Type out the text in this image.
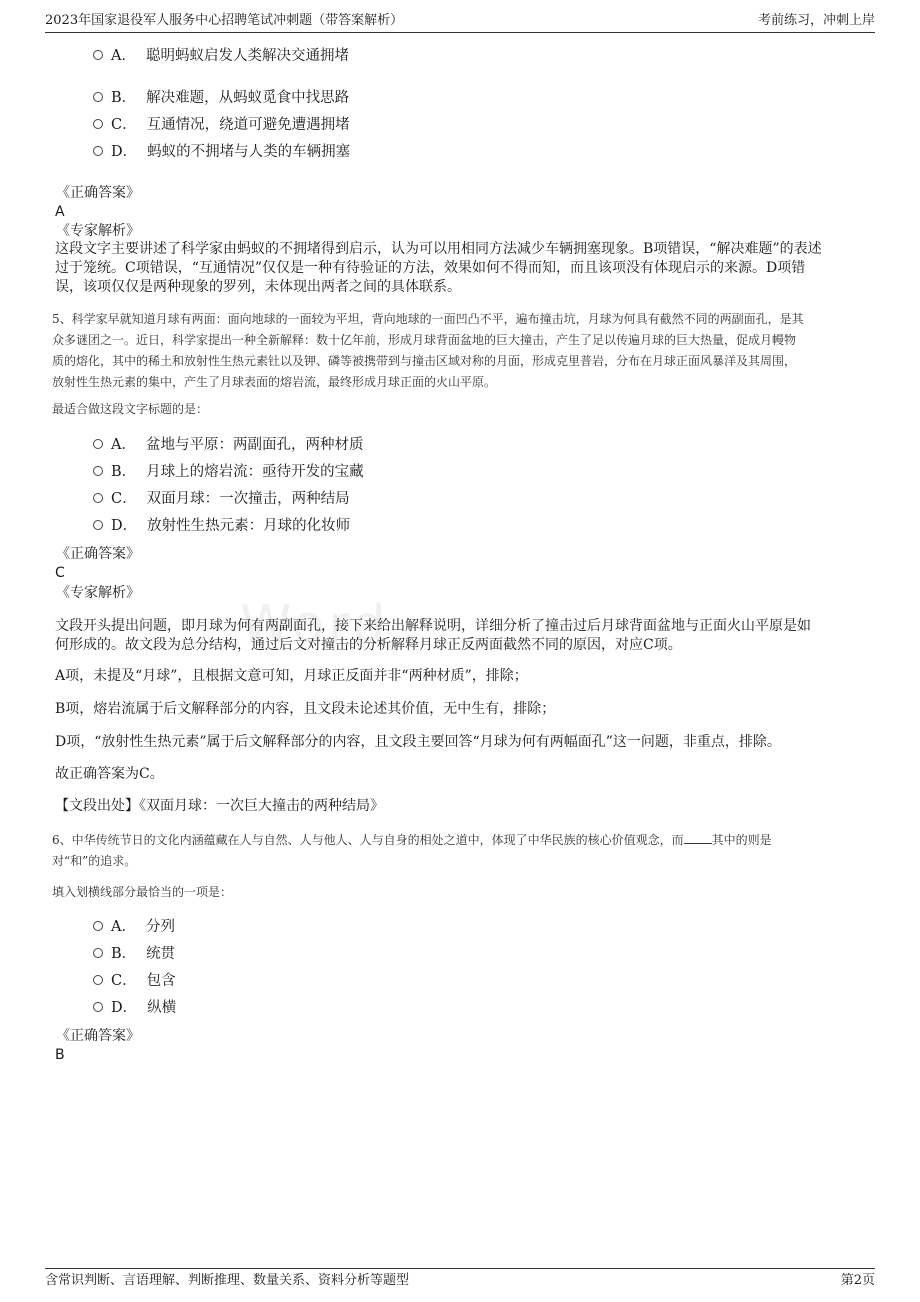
2023年国家退役军人服务中心招聘笔试冲刺题（带答案解析）	考前练习，冲刺上岸
A． 聪明蚂蚁启发人类解决交通拥堵
B． 解决难题，从蚂蚁觅食中找思路
C． 互通情况，绕道可避免遭遇拥堵
D． 蚂蚁的不拥堵与人类的车辆拥塞
《正确答案》
A
《专家解析》
这段文字主要讲述了科学家由蚂蚁的不拥堵得到启示，认为可以用相同方法减少车辆拥塞现象。B项错误，“解决难题”的表述
过于笼统。C项错误，“互通情况”仅仅是一种有待验证的方法，效果如何不得而知，而且该项没有体现启示的来源。D项错
误，该项仅仅是两种现象的罗列，未体现出两者之间的具体联系。
5、科学家早就知道月球有两面：面向地球的一面较为平坦，背向地球的一面凹凸不平，遍布撞击坑，月球为何具有截然不同的两副面孔，是其
众多谜团之一。近日，科学家提出一种全新解释：数十亿年前，形成月球背面盆地的巨大撞击，产生了足以传遍月球的巨大热量，促成月幔物
质的熔化，其中的稀土和放射性生热元素钍以及钾、磷等被携带到与撞击区域对称的月面，形成克里普岩，分布在月球正面风暴洋及其周围，
放射性生热元素的集中，产生了月球表面的熔岩流，最终形成月球正面的火山平原。
最适合做这段文字标题的是：
A． 盆地与平原：两副面孔，两种材质
B． 月球上的熔岩流：亟待开发的宝藏
C． 双面月球：一次撞击，两种结局
D． 放射性生热元素：月球的化妆师
《正确答案》
C
《专家解析》
Word
文段开头提出问题，即月球为何有两副面孔，接下来给出解释说明，详细分析了撞击过后月球背面盆地与正面火山平原是如
何形成的。故文段为总分结构，通过后文对撞击的分析解释月球正反两面截然不同的原因，对应C项。
A项，未提及“月球”，且根据文意可知，月球正反面并非“两种材质”，排除；
B项，熔岩流属于后文解释部分的内容，且文段未论述其价值，无中生有，排除；
D项，“放射性生热元素”属于后文解释部分的内容，且文段主要回答“月球为何有两幅面孔”这一问题，非重点，排除。
故正确答案为C。
【文段出处】《双面月球：一次巨大撞击的两种结局》
6、中华传统节日的文化内涵蕴藏在人与自然、人与他人、人与自身的相处之道中，体现了中华民族的核心价值观念，而 其中的则是
对“和”的追求。
填入划横线部分最恰当的一项是：
A． 分列
B． 统贯
C． 包含
D． 纵横
《正确答案》
B
含常识判断、言语理解、判断推理、数量关系、资料分析等题型	第2页
